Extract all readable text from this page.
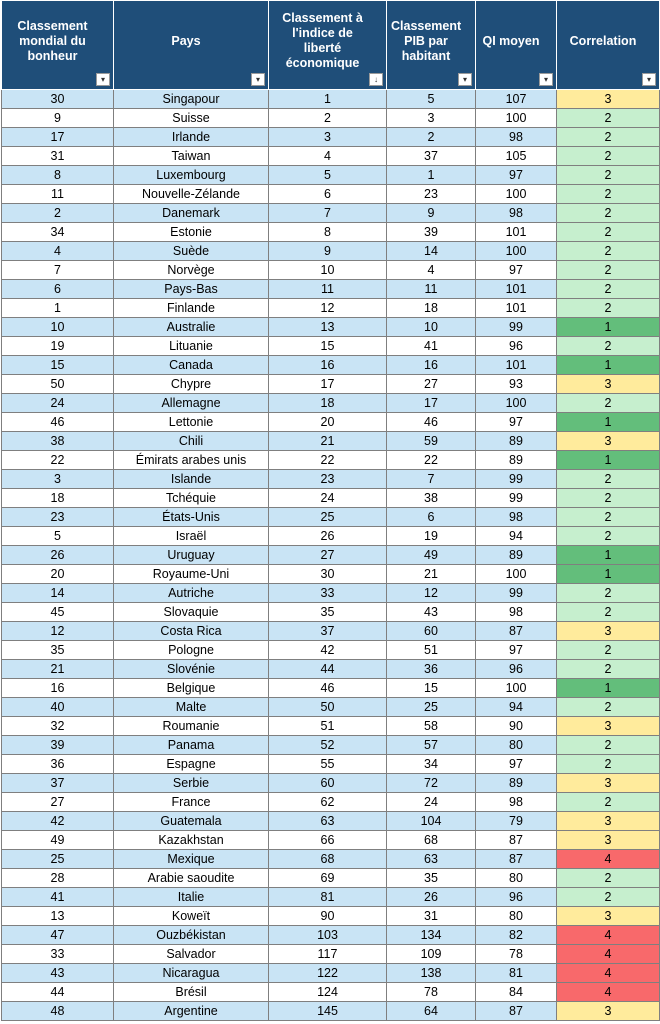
Classement
mondial du
bonheur
▾	Pays
▾	Classement à
l'indice de liberté
économique
↓	Classement
PIB par
habitant
▾	QI moyen
▾	Correlation
▾

30	Singapour	1	5	107	3
9	Suisse	2	3	100	2
17	Irlande	3	2	98	2
31	Taiwan	4	37	105	2
8	Luxembourg	5	1	97	2
11	Nouvelle-Zélande	6	23	100	2
2	Danemark	7	9	98	2
34	Estonie	8	39	101	2
4	Suède	9	14	100	2
7	Norvège	10	4	97	2
6	Pays-Bas	11	11	101	2
1	Finlande	12	18	101	2
10	Australie	13	10	99	1
19	Lituanie	15	41	96	2
15	Canada	16	16	101	1
50	Chypre	17	27	93	3
24	Allemagne	18	17	100	2
46	Lettonie	20	46	97	1
38	Chili	21	59	89	3
22	Émirats arabes unis	22	22	89	1
3	Islande	23	7	99	2
18	Tchéquie	24	38	99	2
23	États-Unis	25	6	98	2
5	Israël	26	19	94	2
26	Uruguay	27	49	89	1
20	Royaume-Uni	30	21	100	1
14	Autriche	33	12	99	2
45	Slovaquie	35	43	98	2
12	Costa Rica	37	60	87	3
35	Pologne	42	51	97	2
21	Slovénie	44	36	96	2
16	Belgique	46	15	100	1
40	Malte	50	25	94	2
32	Roumanie	51	58	90	3
39	Panama	52	57	80	2
36	Espagne	55	34	97	2
37	Serbie	60	72	89	3
27	France	62	24	98	2
42	Guatemala	63	104	79	3
49	Kazakhstan	66	68	87	3
25	Mexique	68	63	87	4
28	Arabie saoudite	69	35	80	2
41	Italie	81	26	96	2
13	Koweït	90	31	80	3
47	Ouzbékistan	103	134	82	4
33	Salvador	117	109	78	4
43	Nicaragua	122	138	81	4
44	Brésil	124	78	84	4
48	Argentine	145	64	87	3
